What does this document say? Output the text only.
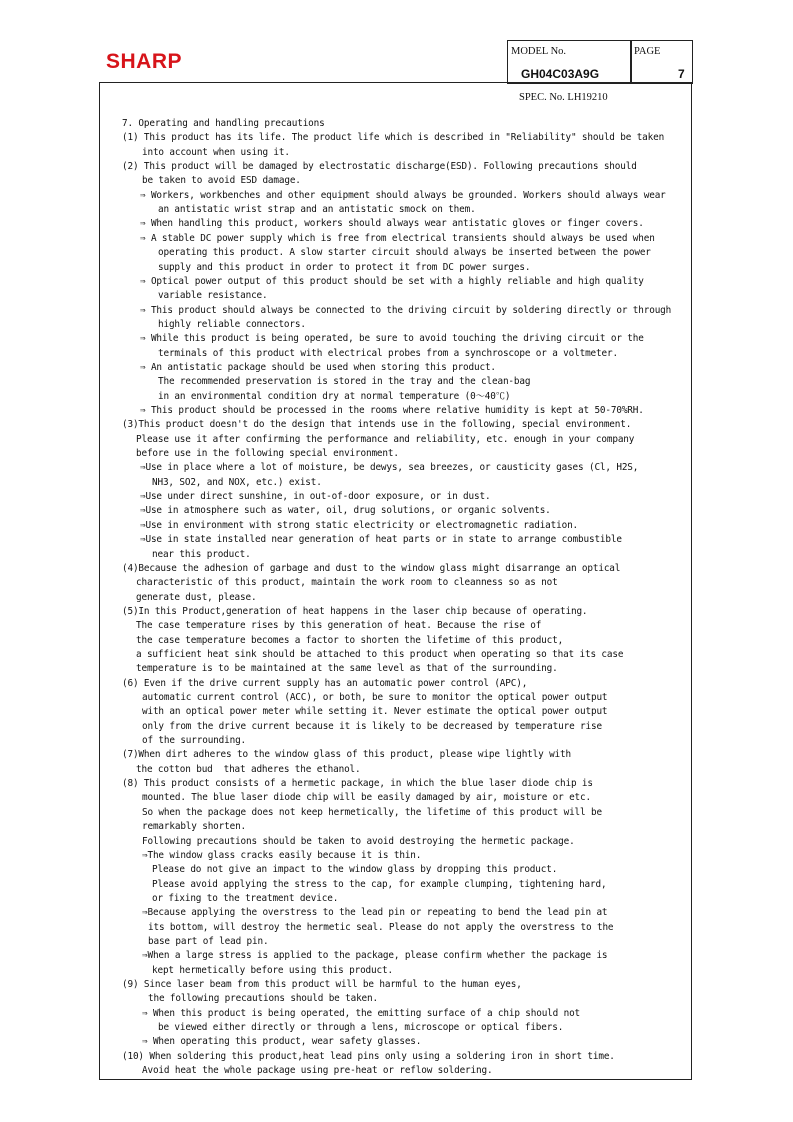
SHARP	MODEL No.
GH04C03A9G
PAGE
7
SPEC. No. LH19210
7. Operating and handling precautions
(1) This product has its life. The product life which is described in "Reliability" should be taken
into account when using it.
(2) This product will be damaged by electrostatic discharge(ESD). Following precautions should
be taken to avoid ESD damage.
⇒ Workers, workbenches and other equipment should always be grounded. Workers should always wear
an antistatic wrist strap and an antistatic smock on them.
⇒ When handling this product, workers should always wear antistatic gloves or finger covers.
⇒ A stable DC power supply which is free from electrical transients should always be used when
operating this product. A slow starter circuit should always be inserted between the power
supply and this product in order to protect it from DC power surges.
⇒ Optical power output of this product should be set with a highly reliable and high quality
variable resistance.
⇒ This product should always be connected to the driving circuit by soldering directly or through
highly reliable connectors.
⇒ While this product is being operated, be sure to avoid touching the driving circuit or the
terminals of this product with electrical probes from a synchroscope or a voltmeter.
⇒ An antistatic package should be used when storing this product.
The recommended preservation is stored in the tray and the clean-bag
in an environmental condition dry at normal temperature (0～40℃)
⇒ This product should be processed in the rooms where relative humidity is kept at 50-70%RH.
(3)This product doesn't do the design that intends use in the following, special environment.
Please use it after confirming the performance and reliability, etc. enough in your company
before use in the following special environment.
⇒Use in place where a lot of moisture, be dewys, sea breezes, or causticity gases (Cl, H2S,
NH3, SO2, and NOX, etc.) exist.
⇒Use under direct sunshine, in out-of-door exposure, or in dust.
⇒Use in atmosphere such as water, oil, drug solutions, or organic solvents.
⇒Use in environment with strong static electricity or electromagnetic radiation.
⇒Use in state installed near generation of heat parts or in state to arrange combustible
near this product.
(4)Because the adhesion of garbage and dust to the window glass might disarrange an optical
characteristic of this product, maintain the work room to cleanness so as not
generate dust, please.
(5)In this Product,generation of heat happens in the laser chip because of operating.
The case temperature rises by this generation of heat. Because the rise of
the case temperature becomes a factor to shorten the lifetime of this product,
a sufficient heat sink should be attached to this product when operating so that its case
temperature is to be maintained at the same level as that of the surrounding.
(6) Even if the drive current supply has an automatic power control (APC),
automatic current control (ACC), or both, be sure to monitor the optical power output
with an optical power meter while setting it. Never estimate the optical power output
only from the drive current because it is likely to be decreased by temperature rise
of the surrounding.
(7)When dirt adheres to the window glass of this product, please wipe lightly with
the cotton bud  that adheres the ethanol.
(8) This product consists of a hermetic package, in which the blue laser diode chip is
mounted. The blue laser diode chip will be easily damaged by air, moisture or etc.
So when the package does not keep hermetically, the lifetime of this product will be
remarkably shorten.
Following precautions should be taken to avoid destroying the hermetic package.
⇒The window glass cracks easily because it is thin.
Please do not give an impact to the window glass by dropping this product.
Please avoid applying the stress to the cap, for example clumping, tightening hard,
or fixing to the treatment device.
⇒Because applying the overstress to the lead pin or repeating to bend the lead pin at
its bottom, will destroy the hermetic seal. Please do not apply the overstress to the
base part of lead pin.
⇒When a large stress is applied to the package, please confirm whether the package is
kept hermetically before using this product.
(9) Since laser beam from this product will be harmful to the human eyes,
the following precautions should be taken.
⇒ When this product is being operated, the emitting surface of a chip should not
be viewed either directly or through a lens, microscope or optical fibers.
⇒ When operating this product, wear safety glasses.
(10) When soldering this product,heat lead pins only using a soldering iron in short time.
Avoid heat the whole package using pre-heat or reflow soldering.
